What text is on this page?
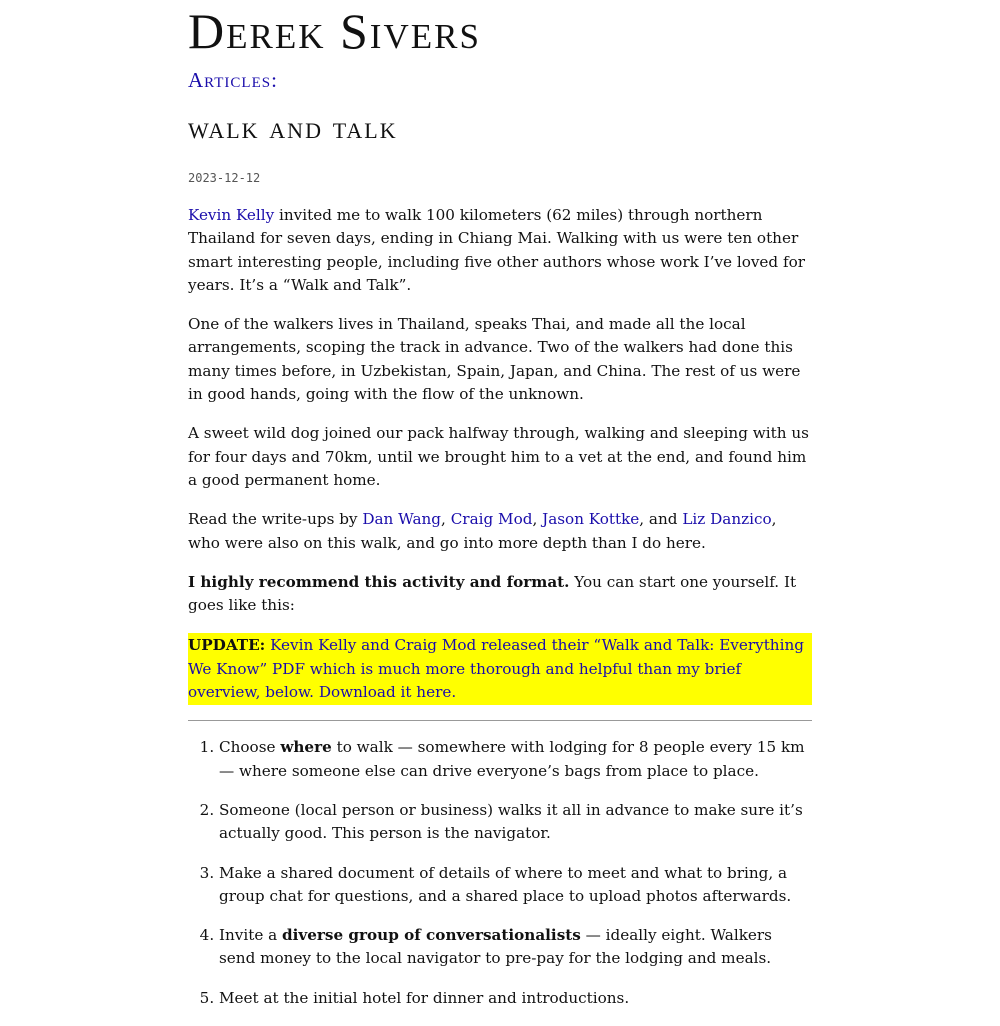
Derek Sivers
Articles:
walk and talk
2023-12-12

Kevin Kelly invited me to walk 100 kilometers (62 miles) through northern Thailand for seven days, ending in Chiang Mai. Walking with us were ten other smart interesting people, including five other authors whose work I’ve loved for years. It’s a “Walk and Talk”.

One of the walkers lives in Thailand, speaks Thai, and made all the local arrangements, scoping the track in advance. Two of the walkers had done this many times before, in Uzbekistan, Spain, Japan, and China. The rest of us were in good hands, going with the flow of the unknown.

A sweet wild dog joined our pack halfway through, walking and sleeping with us for four days and 70km, until we brought him to a vet at the end, and found him a good permanent home.

Read the write-ups by Dan Wang, Craig Mod, Jason Kottke, and Liz Danzico, who were also on this walk, and go into more depth than I do here.

I highly recommend this activity and format. You can start one yourself. It goes like this:

UPDATE: Kevin Kelly and Craig Mod released their “Walk and Talk: Everything We Know” PDF which is much more thorough and helpful than my brief overview, below. Download it here.
1. Choose where to walk — somewhere with lodging for 8 people every 15 km — where someone else can drive everyone’s bags from place to place.
2. Someone (local person or business) walks it all in advance to make sure it’s actually good. This person is the navigator.
3. Make a shared document of details of where to meet and what to bring, a group chat for questions, and a shared place to upload photos afterwards.
4. Invite a diverse group of conversationalists — ideally eight. Walkers send money to the local navigator to pre-pay for the lodging and meals.
5. Meet at the initial hotel for dinner and introductions.
